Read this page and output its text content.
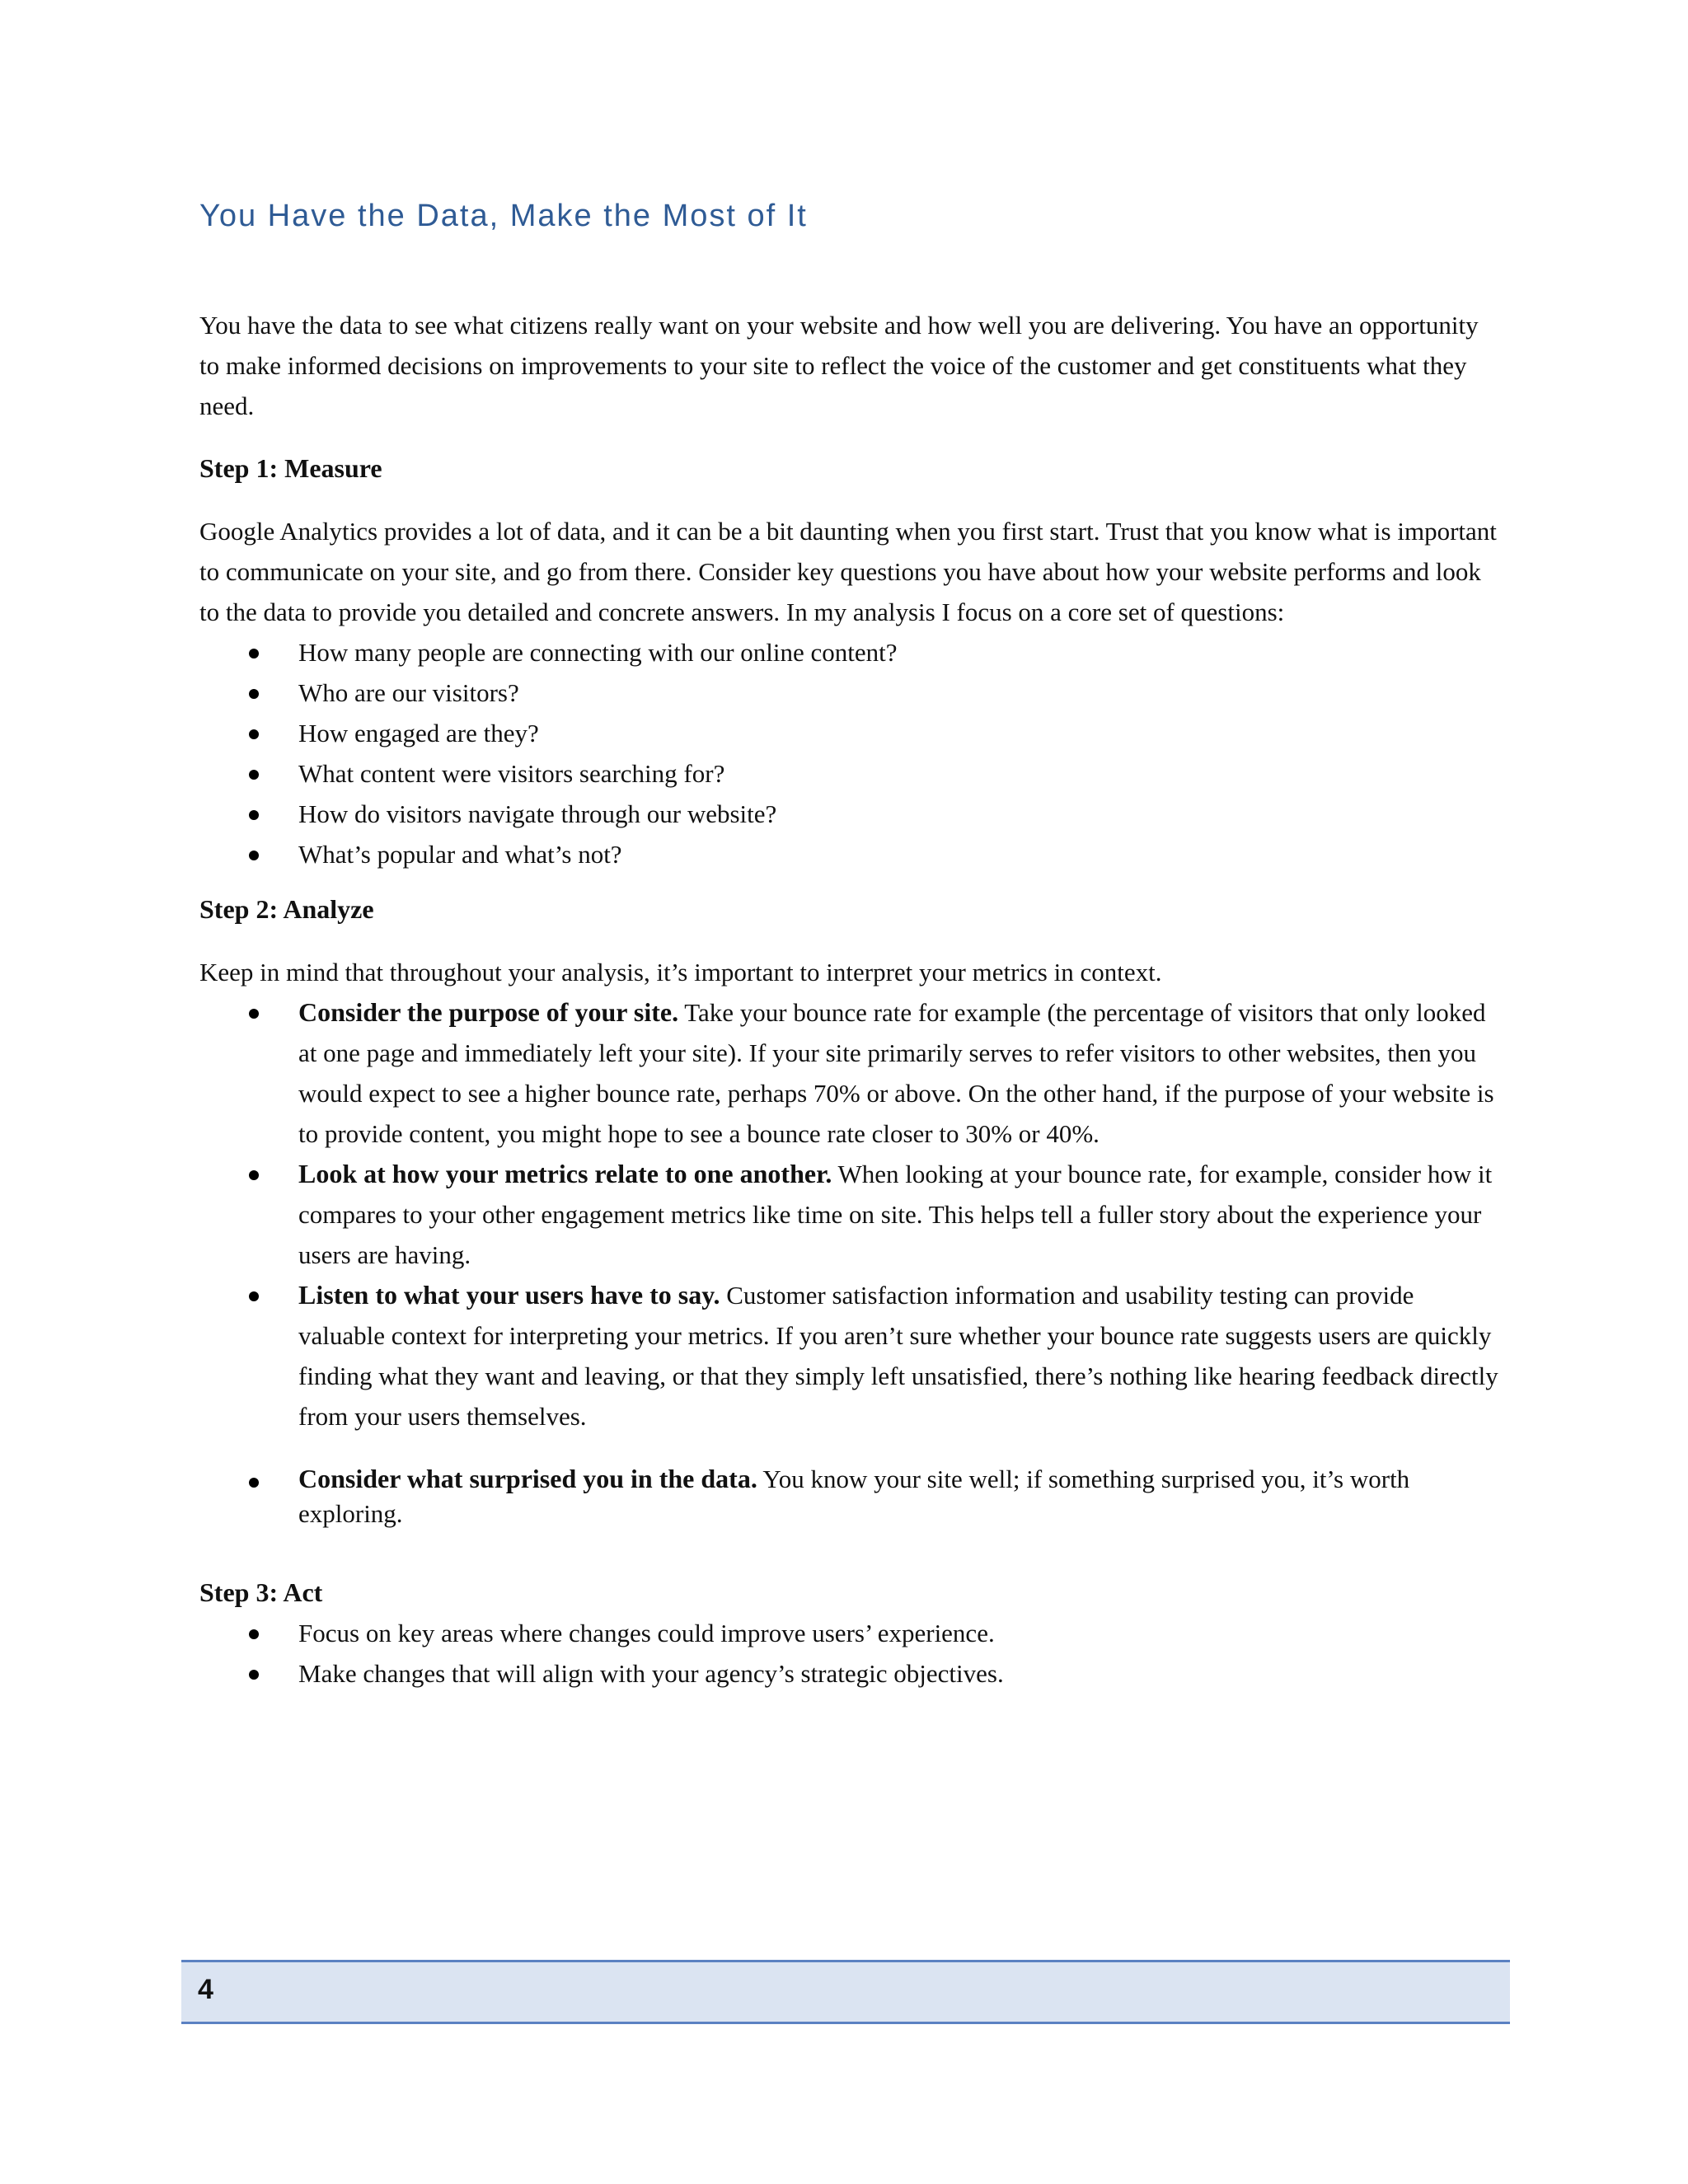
You Have the Data, Make the Most of It

You have the data to see what citizens really want on your website and how well you are delivering. You have an opportunity to make informed decisions on improvements to your site to reflect the voice of the customer and get constituents what they need.

Step 1: Measure

Google Analytics provides a lot of data, and it can be a bit daunting when you first start. Trust that you know what is important to communicate on your site, and go from there. Consider key questions you have about how your website performs and look to the data to provide you detailed and concrete answers. In my analysis I focus on a core set of questions:

How many people are connecting with our online content?
Who are our visitors?
How engaged are they?
What content were visitors searching for?
How do visitors navigate through our website?
What’s popular and what’s not?
Step 2: Analyze

Keep in mind that throughout your analysis, it’s important to interpret your metrics in context.

Consider the purpose of your site. Take your bounce rate for example (the percentage of visitors that only looked at one page and immediately left your site). If your site primarily serves to refer visitors to other websites, then you would expect to see a higher bounce rate, perhaps 70% or above. On the other hand, if the purpose of your website is to provide content, you might hope to see a bounce rate closer to 30% or 40%.
Look at how your metrics relate to one another. When looking at your bounce rate, for example, consider how it compares to your other engagement metrics like time on site. This helps tell a fuller story about the experience your users are having.
Listen to what your users have to say. Customer satisfaction information and usability testing can provide valuable context for interpreting your metrics. If you aren’t sure whether your bounce rate suggests users are quickly finding what they want and leaving, or that they simply left unsatisfied, there’s nothing like hearing feedback directly from your users themselves.
Consider what surprised you in the data. You know your site well; if something surprised you, it’s worth exploring.
Step 3: Act
Focus on key areas where changes could improve users’ experience.
Make changes that will align with your agency’s strategic objectives.
4
